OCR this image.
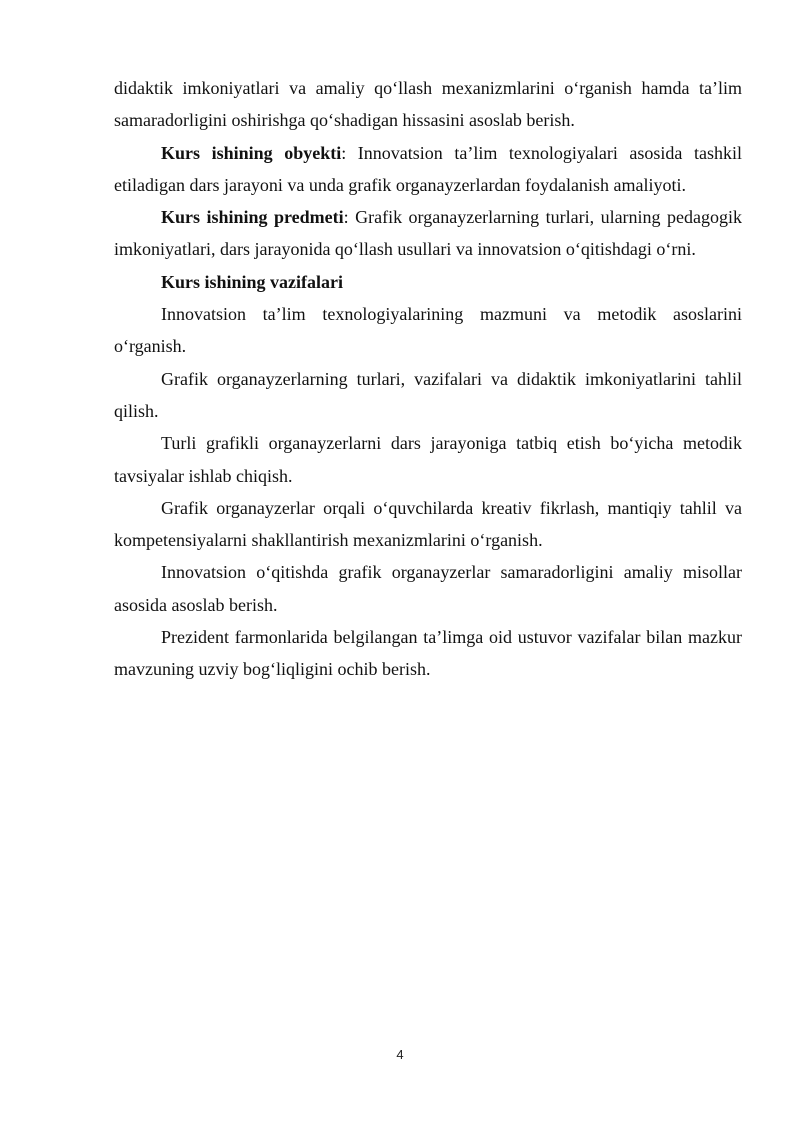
didaktik imkoniyatlari va amaliy qo‘llash mexanizmlarini o‘rganish hamda ta’lim samaradorligini oshirishga qo‘shadigan hissasini asoslab berish.

Kurs ishining obyekti: Innovatsion ta’lim texnologiyalari asosida tashkil etiladigan dars jarayoni va unda grafik organayzerlardan foydalanish amaliyoti.

Kurs ishining predmeti: Grafik organayzerlarning turlari, ularning pedagogik imkoniyatlari, dars jarayonida qo‘llash usullari va innovatsion o‘qitishdagi o‘rni.

Kurs ishining vazifalari

Innovatsion ta’lim texnologiyalarining mazmuni va metodik asoslarini o‘rganish.

Grafik organayzerlarning turlari, vazifalari va didaktik imkoniyatlarini tahlil qilish.

Turli grafikli organayzerlarni dars jarayoniga tatbiq etish bo‘yicha metodik tavsiyalar ishlab chiqish.

Grafik organayzerlar orqali o‘quvchilarda kreativ fikrlash, mantiqiy tahlil va kompetensiyalarni shakllantirish mexanizmlarini o‘rganish.

Innovatsion o‘qitishda grafik organayzerlar samaradorligini amaliy misollar asosida asoslab berish.

Prezident farmonlarida belgilangan ta’limga oid ustuvor vazifalar bilan mazkur mavzuning uzviy bog‘liqligini ochib berish.

4
